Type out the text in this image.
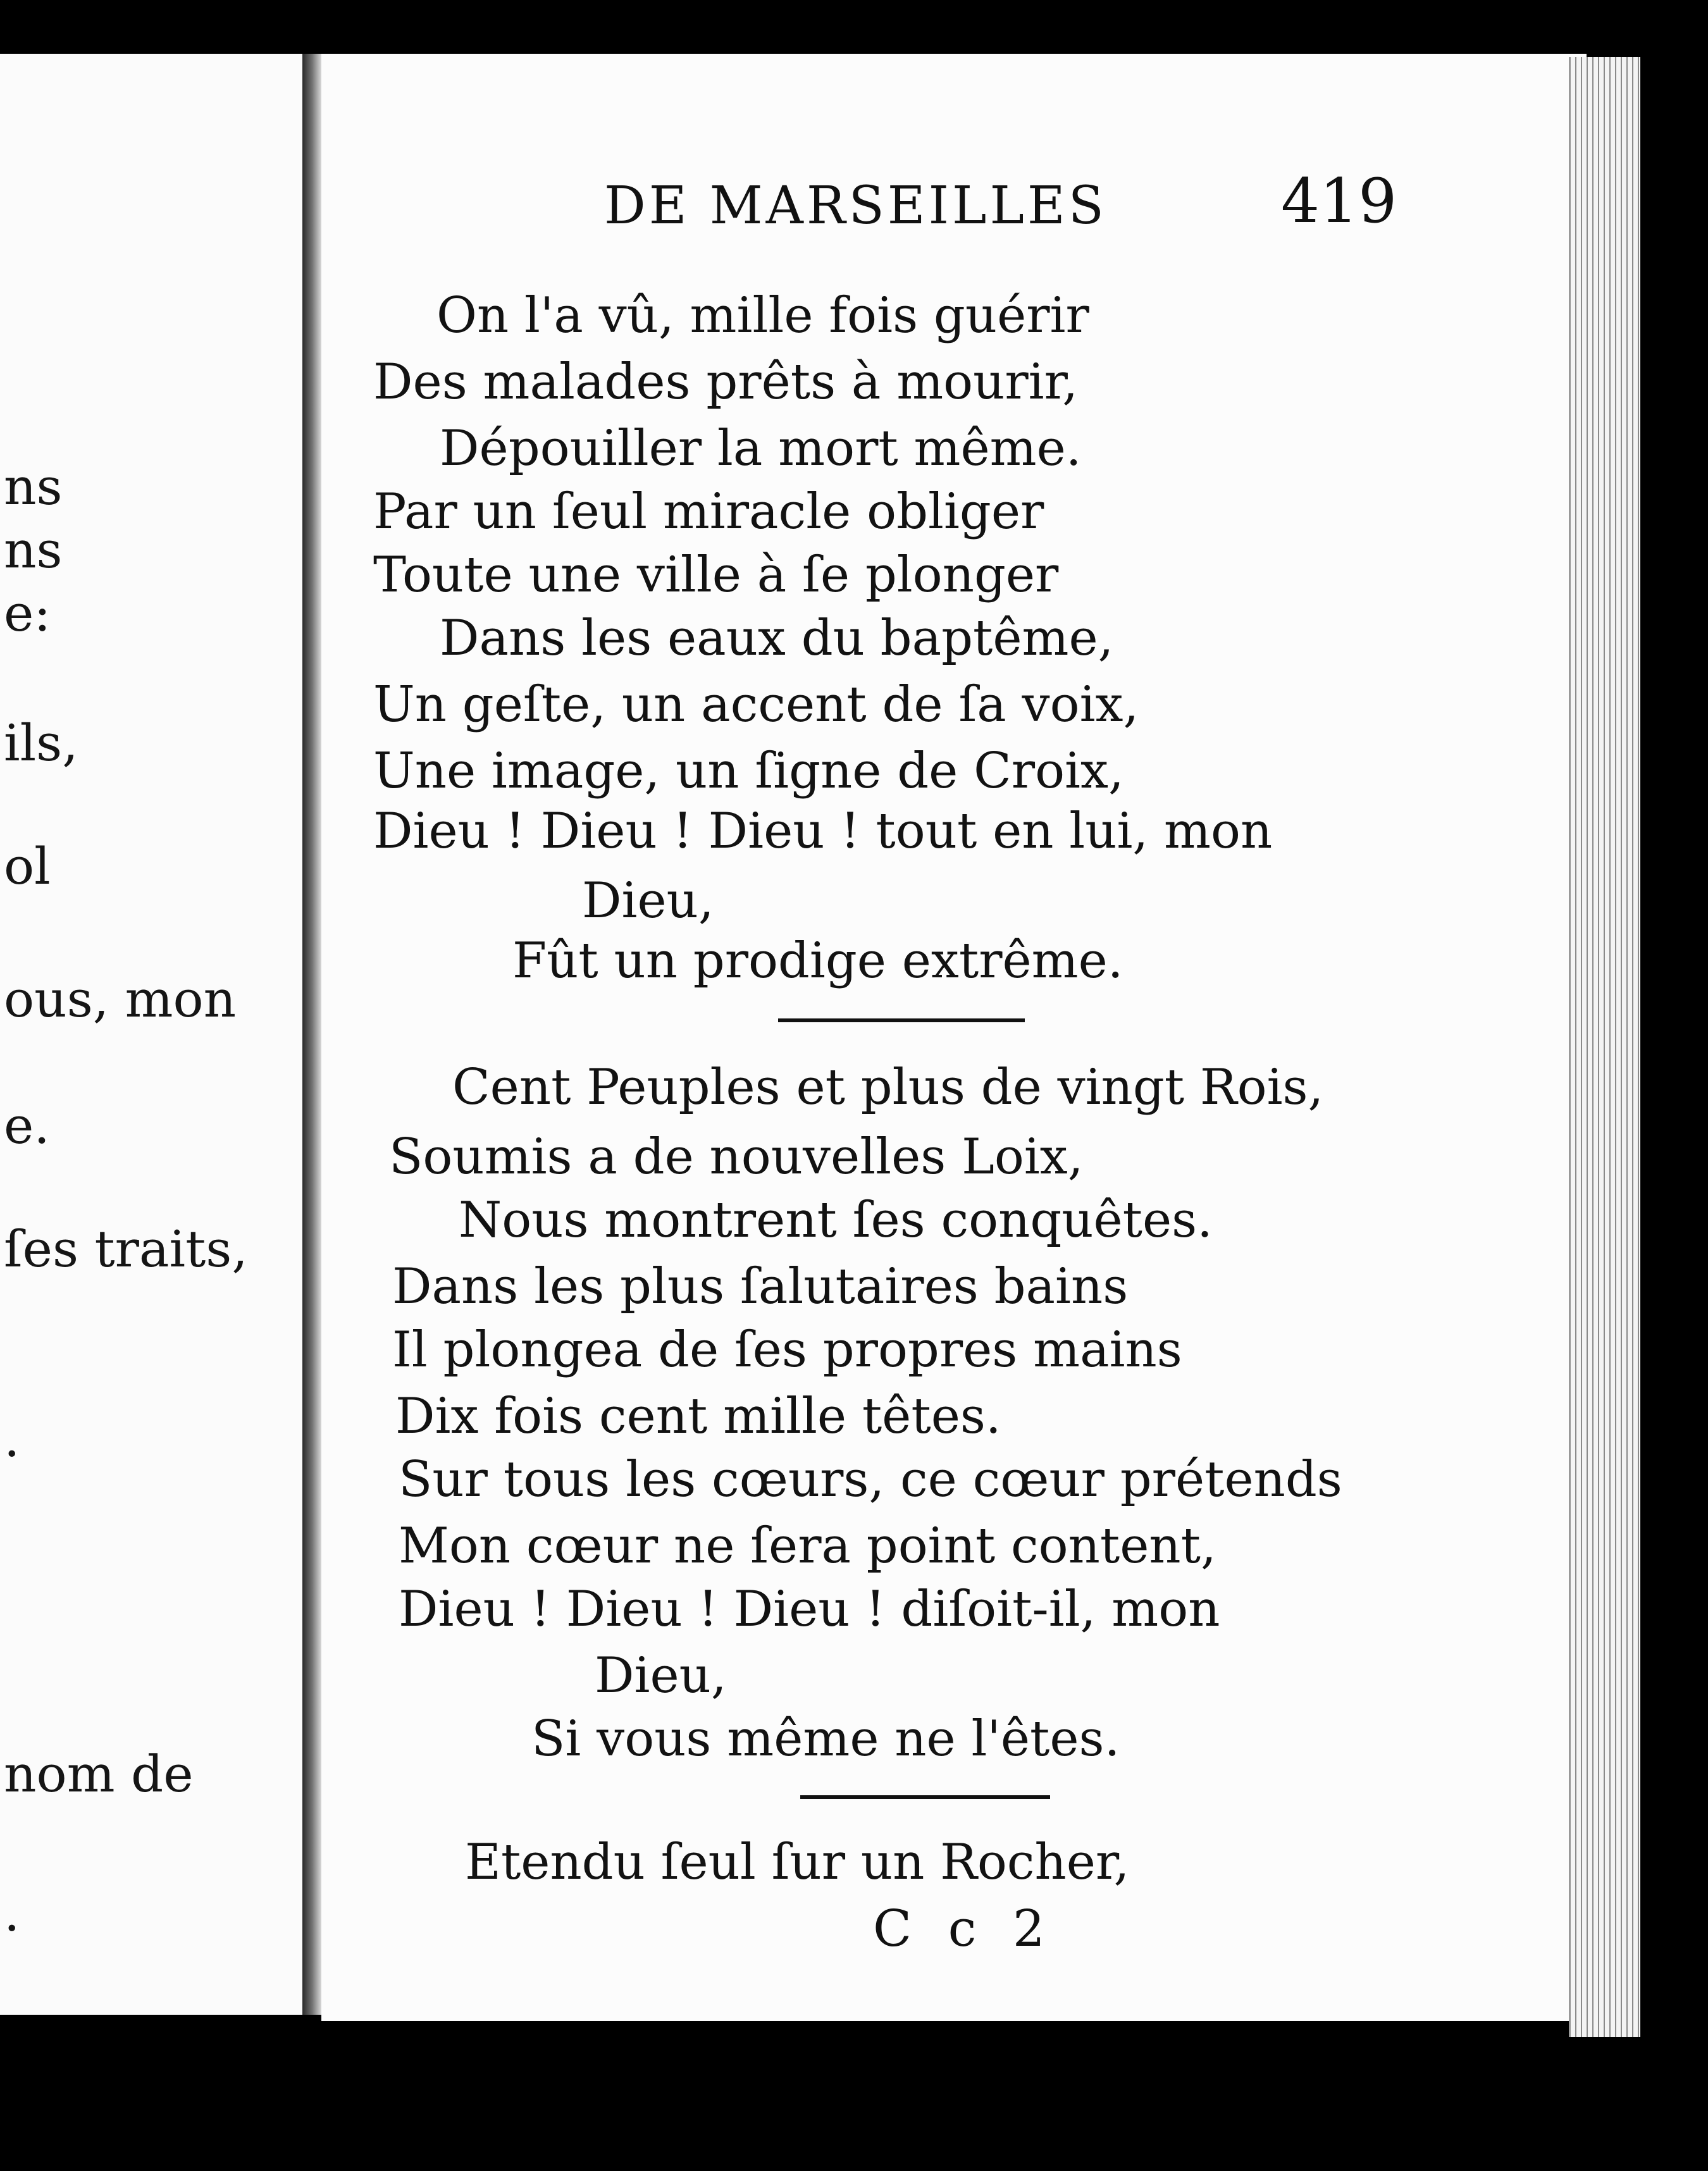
ns
ns
e:
ils,
ol
ous, mon
e.
ſes traits,
.
nom de
.
DE MARSEILLES	419
On l'a vû, mille fois guérir
Des malades prêts à mourir,
Dépouiller la mort même.
Par un ſeul miracle obliger
Toute une ville à ſe plonger
Dans les eaux du baptême,
Un geſte, un accent de ſa voix,
Une image, un ſigne de Croix,
Dieu ! Dieu ! Dieu ! tout en lui, mon
Dieu,
Fût un prodige extrême.
Cent Peuples et plus de vingt Rois,
Soumis a de nouvelles Loix,
Nous montrent ſes conquêtes.
Dans les plus ſalutaires bains
Il plongea de ſes propres mains
Dix fois cent mille têtes.
Sur tous les cœurs, ce cœur prétends
Mon cœur ne ſera point content,
Dieu ! Dieu ! Dieu ! diſoit-il, mon
Dieu,
Si vous même ne l'êtes.
Etendu ſeul ſur un Rocher,
C c 2
